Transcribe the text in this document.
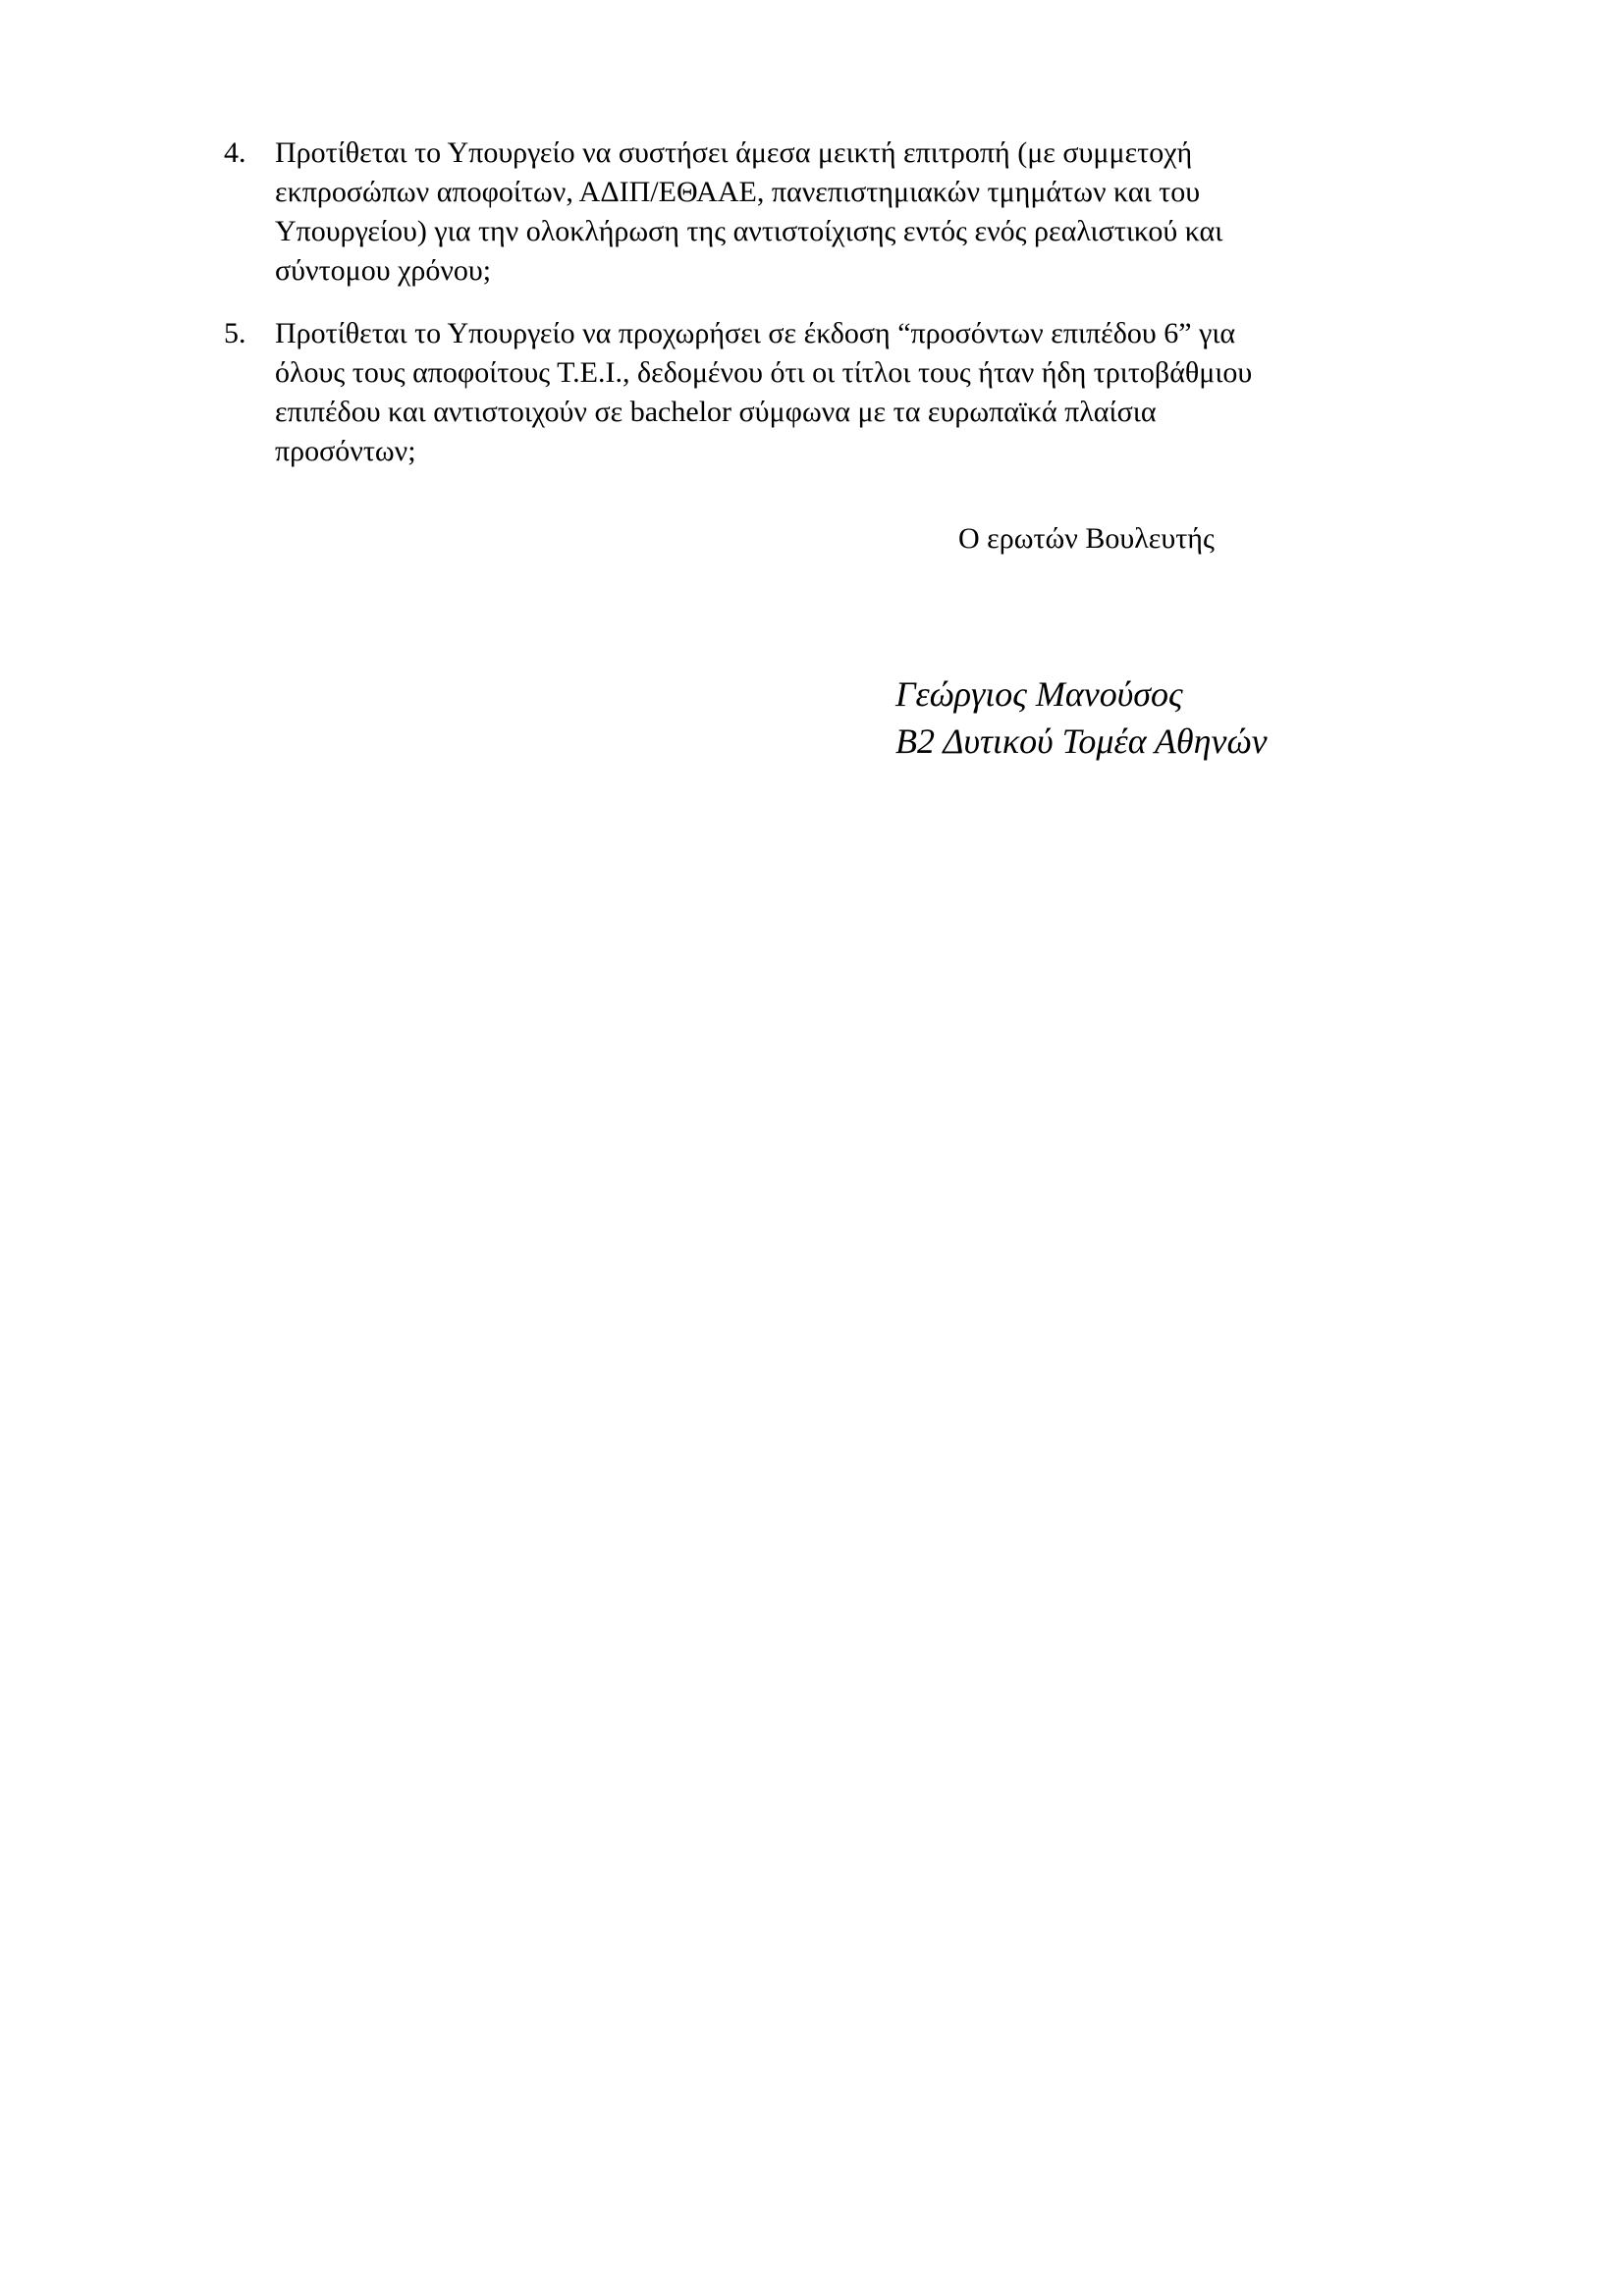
4. Προτίθεται το Υπουργείο να συστήσει άμεσα μεικτή επιτροπή (με συμμετοχή
εκπροσώπων αποφοίτων, ΑΔΙΠ/ΕΘΑΑΕ, πανεπιστημιακών τμημάτων και του
Υπουργείου) για την ολοκλήρωση της αντιστοίχισης εντός ενός ρεαλιστικού και
σύντομου χρόνου;
5. Προτίθεται το Υπουργείο να προχωρήσει σε έκδοση “προσόντων επιπέδου 6” για
όλους τους αποφοίτους Τ.Ε.Ι., δεδομένου ότι οι τίτλοι τους ήταν ήδη τριτοβάθμιου
επιπέδου και αντιστοιχούν σε bachelor σύμφωνα με τα ευρωπαϊκά πλαίσια
προσόντων;
Ο ερωτών Βουλευτής
Γεώργιος Μανούσος
Β2 Δυτικού Τομέα Αθηνών
